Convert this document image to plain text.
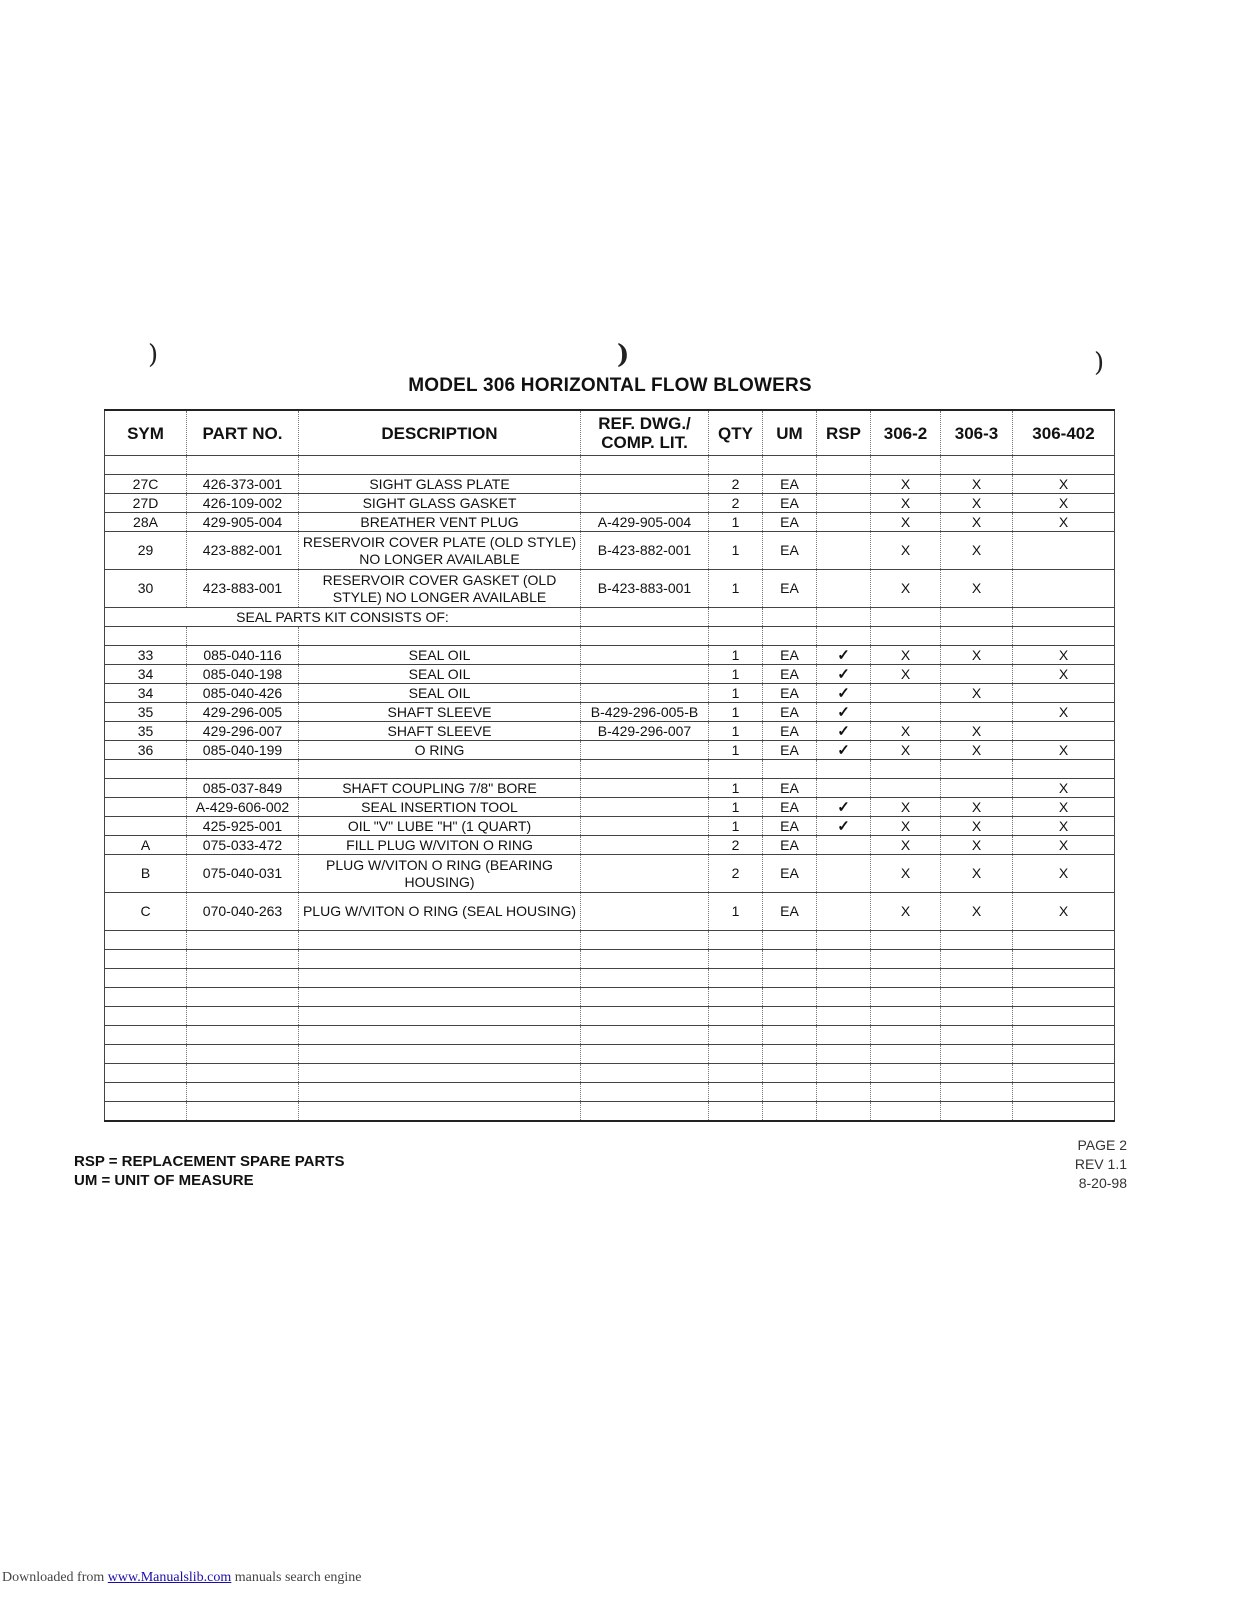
)	)	)
MODEL 306 HORIZONTAL FLOW BLOWERS
SYM	PART NO.	DESCRIPTION	REF. DWG./ COMP. LIT.	QTY	UM	RSP	306-2	306-3	306-402

27C	426-373-001	SIGHT GLASS PLATE		2	EA		X	X	X
27D	426-109-002	SIGHT GLASS GASKET		2	EA		X	X	X
28A	429-905-004	BREATHER VENT PLUG	A-429-905-004	1	EA		X	X	X
29	423-882-001	RESERVOIR COVER PLATE (OLD STYLE) NO LONGER AVAILABLE	B-423-882-001	1	EA		X	X	
30	423-883-001	RESERVOIR COVER GASKET (OLD STYLE) NO LONGER AVAILABLE	B-423-883-001	1	EA		X	X	
SEAL PARTS KIT CONSISTS OF:									

33	085-040-116	SEAL OIL		1	EA	✓	X	X	X
34	085-040-198	SEAL OIL		1	EA	✓	X		X
34	085-040-426	SEAL OIL		1	EA	✓		X	
35	429-296-005	SHAFT SLEEVE	B-429-296-005-B	1	EA	✓			X
35	429-296-007	SHAFT SLEEVE	B-429-296-007	1	EA	✓	X	X	
36	085-040-199	O RING		1	EA	✓	X	X	X

	085-037-849	SHAFT COUPLING 7/8" BORE		1	EA				X
	A-429-606-002	SEAL INSERTION TOOL		1	EA	✓	X	X	X
	425-925-001	OIL "V" LUBE "H" (1 QUART)		1	EA	✓	X	X	X
A	075-033-472	FILL PLUG W/VITON O RING		2	EA		X	X	X
B	075-040-031	PLUG W/VITON O RING (BEARING HOUSING)		2	EA		X	X	X
C	070-040-263	PLUG W/VITON O RING (SEAL HOUSING)		1	EA		X	X	X

RSP = REPLACEMENT SPARE PARTS
UM = UNIT OF MEASURE
PAGE 2
REV 1.1
8-20-98
Downloaded from www.Manualslib.com manuals search engine
